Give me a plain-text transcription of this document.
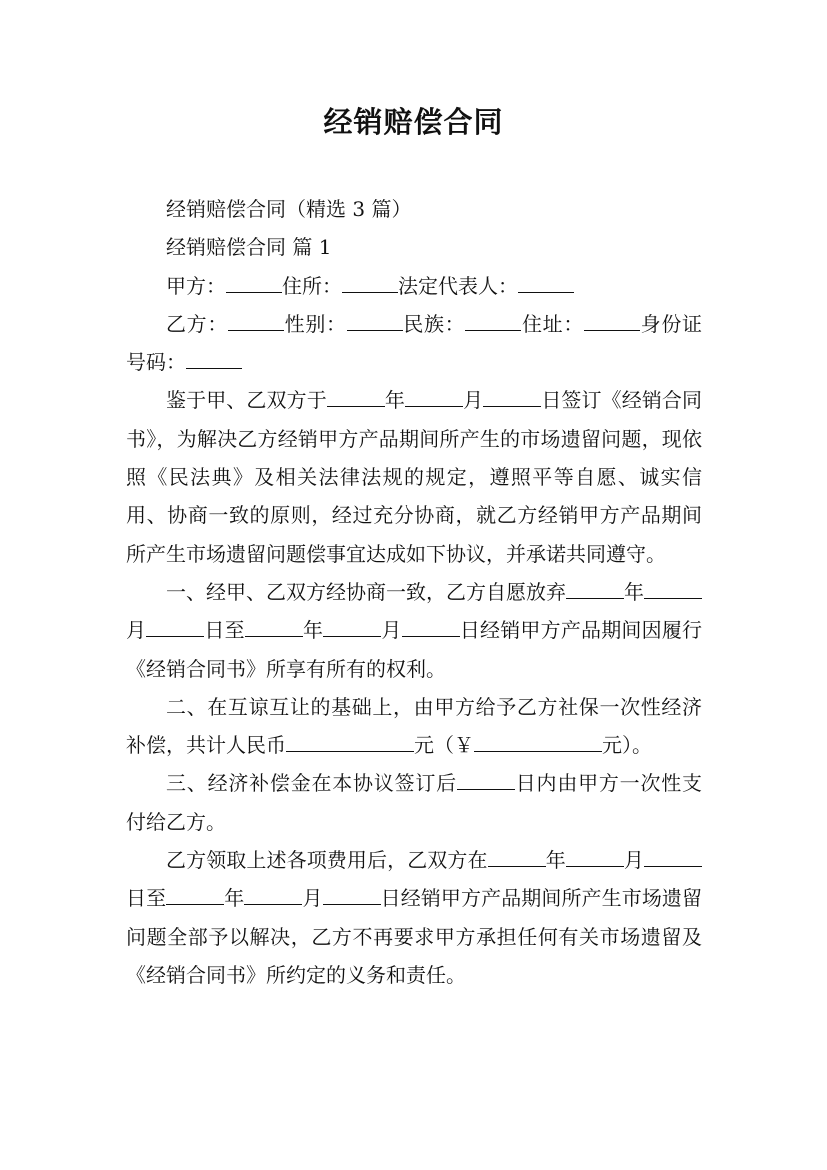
经销赔偿合同

经销赔偿合同（精选 3 篇）

经销赔偿合同 篇 1

甲方：	住所：	法定代表人：

乙方：	性别：	民族：	住址：	身份证号码：

鉴于甲、乙双方于	年	月	日签订《经销合同书》，为解决乙方经销甲方产品期间所产生的市场遗留问题，现依照《民法典》及相关法律法规的规定，遵照平等自愿、诚实信用、协商一致的原则，经过充分协商，就乙方经销甲方产品期间所产生市场遗留问题偿事宜达成如下协议，并承诺共同遵守。

一、经甲、乙双方经协商一致，乙方自愿放弃	年月	日至	年	月	日经销甲方产品期间因履行《经销合同书》所享有所有的权利。

二、在互谅互让的基础上，由甲方给予乙方社保一次性经济补偿，共计人民币	元（￥	元）。

三、经济补偿金在本协议签订后	日内由甲方一次性支付给乙方。

乙方领取上述各项费用后，乙双方在	年	月日至	年	月	日经销甲方产品期间所产生市场遗留问题全部予以解决，乙方不再要求甲方承担任何有关市场遗留及《经销合同书》所约定的义务和责任。
